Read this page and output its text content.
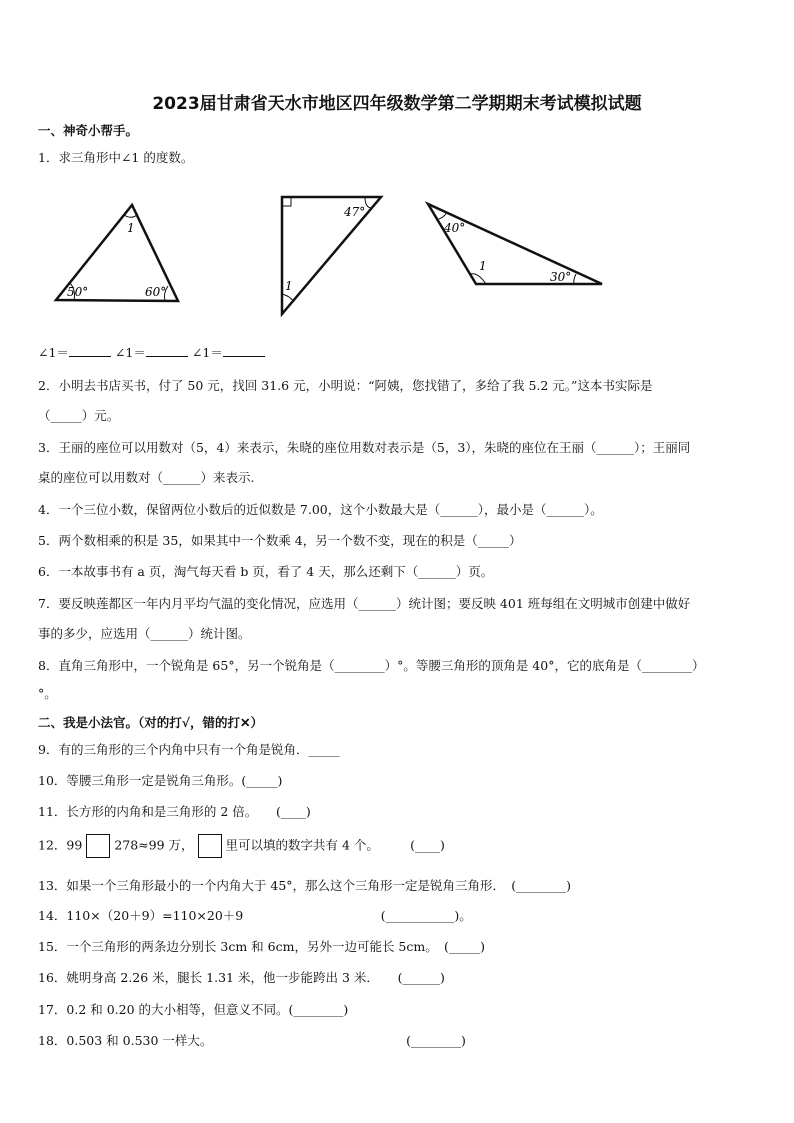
2023届甘肃省天水市地区四年级数学第二学期期末考试模拟试题
一、神奇小帮手。
1．求三角形中∠1 的度数。
1
50°	60°
47°
1
40°
1
30°
∠1＝	∠1＝	∠1＝
2．小明去书店买书，付了 50 元，找回 31.6 元，小明说：“阿姨，您找错了，多给了我 5.2 元。”这本书实际是
（_____）元。
3．王丽的座位可以用数对（5，4）来表示，朱晓的座位用数对表示是（5，3），朱晓的座位在王丽（______）；王丽同
桌的座位可以用数对（______）来表示.
4．一个三位小数，保留两位小数后的近似数是 7.00，这个小数最大是（______），最小是（______）。
5．两个数相乘的积是 35，如果其中一个数乘 4，另一个数不变，现在的积是（_____）
6．一本故事书有 a 页，淘气每天看 b 页，看了 4 天，那么还剩下（______）页。
7．要反映莲都区一年内月平均气温的变化情况，应选用（______）统计图；要反映 401 班每组在文明城市创建中做好
事的多少，应选用（______）统计图。
8．直角三角形中，一个锐角是 65°，另一个锐角是（________）°。等腰三角形的顶角是 40°，它的底角是（________）
°。
二、我是小法官。（对的打√，错的打✕）
9．有的三角形的三个内角中只有一个角是锐角．_____
10．等腰三角形一定是锐角三角形。(_____)
11．长方形的内角和是三角形的 2 倍。　　(____)
12．99	278≈99 万，	里可以填的数字共有 4 个。　　　(____)
13．如果一个三角形最小的一个内角大于 45°，那么这个三角形一定是锐角三角形．　(________)
14．110×（20＋9）=110×20＋9　　　　　　　　　　　(___________)。
15．一个三角形的两条边分别长 3cm 和 6cm，另外一边可能长 5cm。　(_____)
16．姚明身高 2.26 米，腿长 1.31 米，他一步能跨出 3 米．　　(______)
17．0.2 和 0.20 的大小相等，但意义不同。(________)
18．0.503 和 0.530 一样大。　　　　　　　　　　　　　　　　(________)
